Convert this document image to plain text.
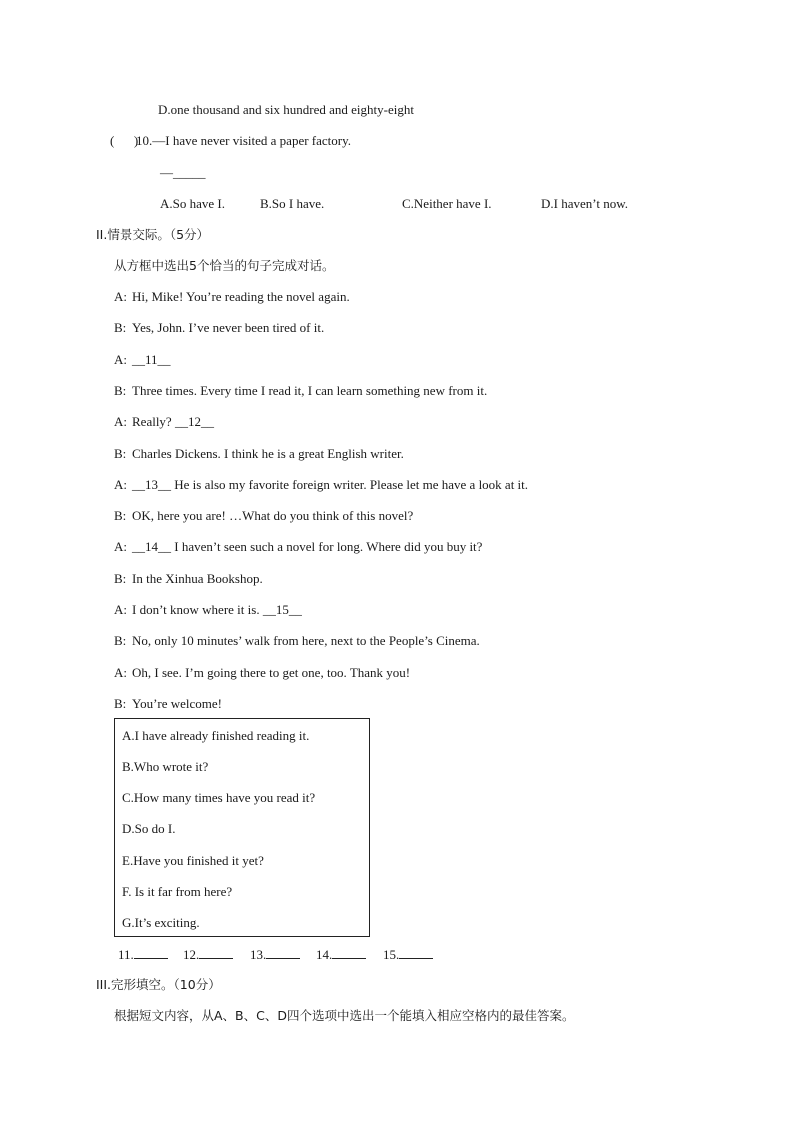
D.one thousand and six hundred and eighty-eight
(      )
10.—I have never visited a paper factory.
—_____
A.So have I.	B.So I have.	C.Neither have I.	D.I haven’t now.
II.情景交际。（5分）
从方框中选出5个恰当的句子完成对话。
A: Hi, Mike! You’re reading the novel again.
B: Yes, John. I’ve never been tired of it.
A: __11__
B: Three times. Every time I read it, I can learn something new from it.
A: Really? __12__
B: Charles Dickens. I think he is a great English writer.
A: __13__ He is also my favorite foreign writer. Please let me have a look at it.
B: OK, here you are! …What do you think of this novel?
A: __14__ I haven’t seen such a novel for long. Where did you buy it?
B: In the Xinhua Bookshop.
A: I don’t know where it is. __15__
B: No, only 10 minutes’ walk from here, next to the People’s Cinema.
A: Oh, I see. I’m going there to get one, too. Thank you!
B: You’re welcome!
A.I have already finished reading it.
B.Who wrote it?
C.How many times have you read it?
D.So do I.
E.Have you finished it yet?
F. Is it far from here?
G.It’s exciting.
11.	12.	13.	14.	15.
III.完形填空。（10分）
根据短文内容，从A、B、C、D四个选项中选出一个能填入相应空格内的最佳答案。
